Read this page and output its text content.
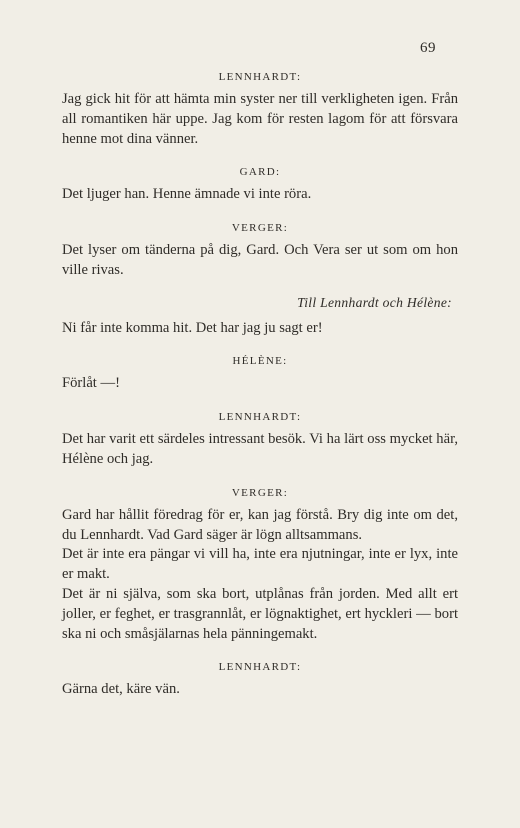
69
LENNHARDT:

Jag gick hit för att hämta min syster ner till verkligheten igen. Från all romantiken här uppe. Jag kom för resten lagom för att försvara henne mot dina vänner.

GARD:

Det ljuger han. Henne ämnade vi inte röra.

VERGER:

Det lyser om tänderna på dig, Gard. Och Vera ser ut som om hon ville rivas.

Till Lennhardt och Hélène:

Ni får inte komma hit. Det har jag ju sagt er!

HÉLÈNE:

Förlåt —!

LENNHARDT:

Det har varit ett särdeles intressant besök. Vi ha lärt oss mycket här, Hélène och jag.

VERGER:

Gard har hållit föredrag för er, kan jag förstå. Bry dig inte om det, du Lennhardt. Vad Gard säger är lögn alltsammans.

Det är inte era pängar vi vill ha, inte era njutningar, inte er lyx, inte er makt.

Det är ni själva, som ska bort, utplånas från jorden. Med allt ert joller, er feghet, er trasgrannlåt, er lögnaktighet, ert hyckleri — bort ska ni och småsjälarnas hela pänningemakt.

LENNHARDT:

Gärna det, käre vän.
